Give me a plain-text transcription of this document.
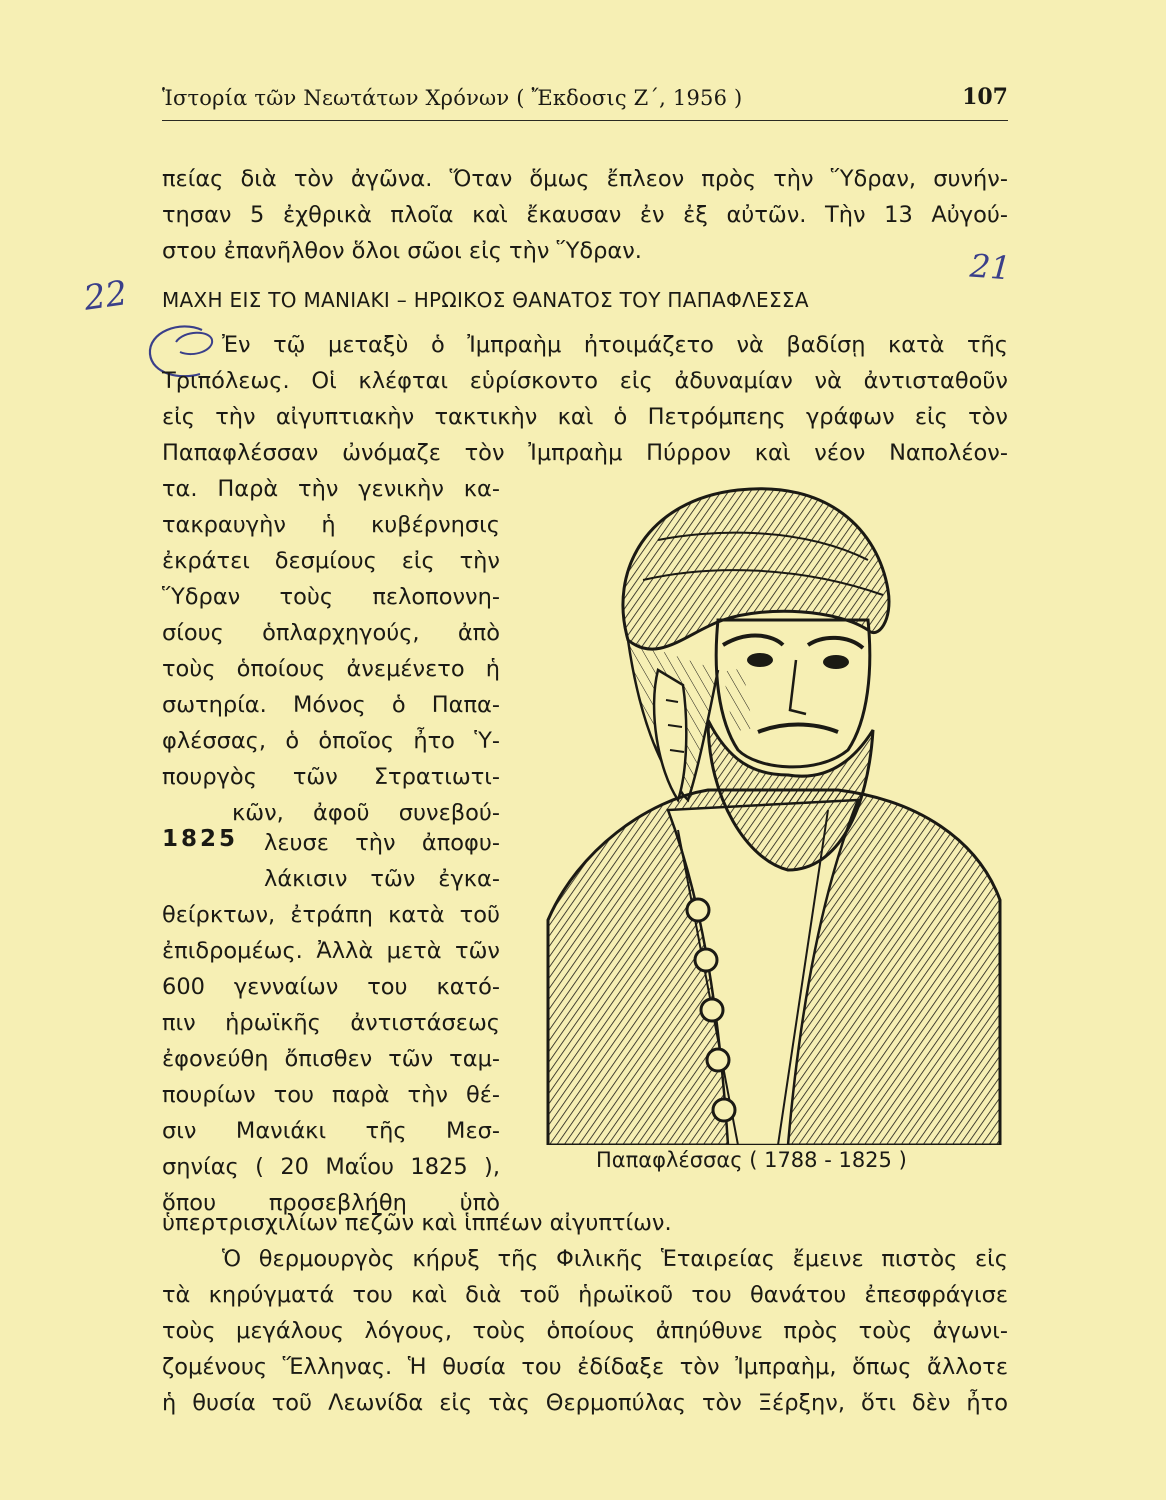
Ἱστορία τῶν Νεωτάτων Χρόνων ( Ἔκδοσις Ζ΄, 1956 )	107
πείας διὰ τὸν ἀγῶνα. Ὅταν ὅμως ἔπλεον πρὸς τὴν Ὕδραν, συνήν-
τησαν 5 ἐχθρικὰ πλοῖα καὶ ἔκαυσαν ἐν ἐξ αὐτῶν. Τὴν 13 Αὐγού-
στου ἐπανῆλθον ὅλοι σῶοι εἰς τὴν Ὕδραν.
22
21
ΜΑΧΗ ΕΙΣ ΤΟ ΜΑΝΙΑΚΙ – ΗΡΩΙΚΟΣ ΘΑΝΑΤΟΣ ΤΟΥ ΠΑΠΑΦΛΕΣΣΑ
Ἐν τῷ μεταξὺ ὁ Ἰμπραὴμ ἠτοιμάζετο νὰ βαδίσῃ κατὰ τῆς
Τριπόλεως. Οἱ κλέφται εὑρίσκοντο εἰς ἀδυναμίαν νὰ ἀντισταθοῦν
εἰς τὴν αἰγυπτιακὴν τακτικὴν καὶ ὁ Πετρόμπεης γράφων εἰς τὸν
Παπαφλέσσαν ὠνόμαζε τὸν Ἰμπραὴμ Πύρρον καὶ νέον Ναπολέον-
τα. Παρὰ τὴν γενικὴν κα-
τακραυγὴν ἡ κυβέρνησις
ἐκράτει δεσμίους εἰς τὴν
Ὕδραν τοὺς πελοποννη-
σίους ὁπλαρχηγούς, ἀπὸ
τοὺς ὁποίους ἀνεμένετο ἡ
σωτηρία. Μόνος ὁ Παπα-
φλέσσας, ὁ ὁποῖος ἦτο Ὑ-
πουργὸς τῶν Στρατιωτι-
κῶν, ἀφοῦ συνεβού-
λευσε τὴν ἀποφυ-
λάκισιν τῶν ἐγκα-
1825
θείρκτων, ἐτράπη κατὰ τοῦ
ἐπιδρομέως. Ἀλλὰ μετὰ τῶν
600 γενναίων του κατό-
πιν ἡρωϊκῆς ἀντιστάσεως
ἐφονεύθη ὄπισθεν τῶν ταμ-
πουρίων του παρὰ τὴν θέ-
σιν Μανιάκι τῆς Μεσ-
σηνίας ( 20 Μαΐου 1825 ),
ὅπου προσεβλήθη ὑπὸ
Παπαφλέσσας ( 1788 - 1825 )
ὑπερτρισχιλίων πεζῶν καὶ ἱππέων αἰγυπτίων.
Ὁ θερμουργὸς κήρυξ τῆς Φιλικῆς Ἑταιρείας ἔμεινε πιστὸς εἰς
τὰ κηρύγματά του καὶ διὰ τοῦ ἡρωϊκοῦ του θανάτου ἐπεσφράγισε
τοὺς μεγάλους λόγους, τοὺς ὁποίους ἀπηύθυνε πρὸς τοὺς ἀγωνι-
ζομένους Ἕλληνας. Ἡ θυσία του ἐδίδαξε τὸν Ἰμπραὴμ, ὅπως ἄλλοτε
ἡ θυσία τοῦ Λεωνίδα εἰς τὰς Θερμοπύλας τὸν Ξέρξην, ὅτι δὲν ἦτο
